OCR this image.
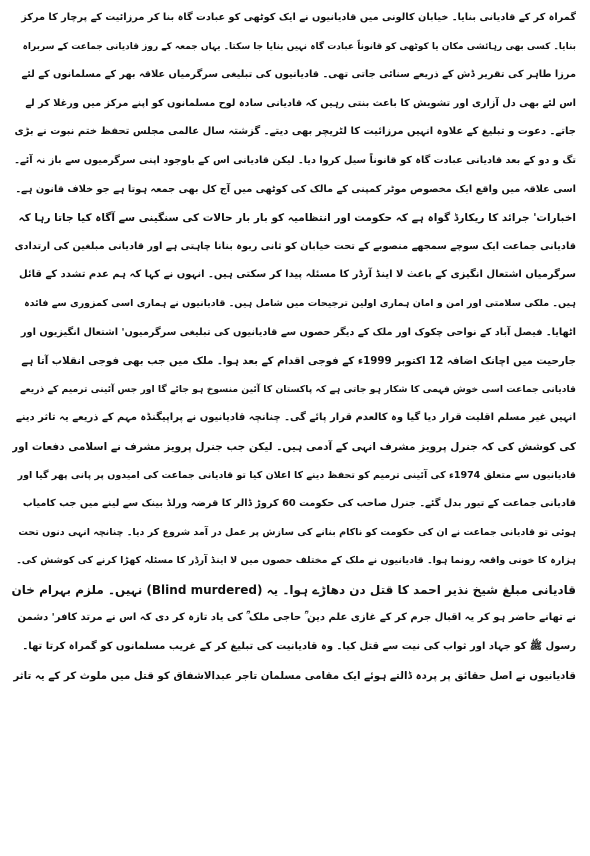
گمراہ کر کے قادیانی بنایا۔ خیابان کالونی میں قادیانیوں نے ایک کوٹھی کو عبادت گاہ بنا کر مرزائیت کے پرچار کا مرکز
بنایا۔ کسی بھی رہائشی مکان یا کوٹھی کو قانوناً عبادت گاہ نہیں بنایا جا سکتا۔ یہاں جمعہ کے روز قادیانی جماعت کے سربراہ
مرزا طاہر کی تقریر ڈش کے ذریعے سنائی جاتی تھی۔ قادیانیوں کی تبلیغی سرگرمیاں علاقہ بھر کے مسلمانوں کے لئے
اس لئے بھی دل آزاری اور تشویش کا باعث بنتی رہیں کہ قادیانی سادہ لوح مسلمانوں کو اپنے مرکز میں ورغلا کر لے
جاتے۔ دعوت و تبلیغ کے علاوہ انہیں مرزائیت کا لٹریچر بھی دیتے۔ گزشتہ سال عالمی مجلس تحفظ ختم نبوت نے بڑی
تگ و دو کے بعد قادیانی عبادت گاہ کو قانوناً سیل کروا دیا۔ لیکن قادیانی اس کے باوجود اپنی سرگرمیوں سے باز نہ آئے۔
اسی علاقہ میں واقع ایک مخصوص موٹر کمپنی کے مالک کی کوٹھی میں آج کل بھی جمعہ ہوتا ہے جو خلاف قانون ہے۔
اخبارات' جرائد کا ریکارڈ گواہ ہے کہ حکومت اور انتظامیہ کو بار بار حالات کی سنگینی سے آگاہ کیا جاتا رہا کہ
قادیانی جماعت ایک سوچے سمجھے منصوبے کے تحت خیابان کو ثانی ربوہ بنانا چاہتی ہے اور قادیانی مبلغین کی ارتدادی
سرگرمیاں اشتعال انگیزی کے باعث لا اینڈ آرڈر کا مسئلہ پیدا کر سکتی ہیں۔ انہوں نے کہا کہ ہم عدم تشدد کے قائل
ہیں۔ ملکی سلامتی اور امن و امان ہماری اولین ترجیحات میں شامل ہیں۔ قادیانیوں نے ہماری اسی کمزوری سے فائدہ
اٹھایا۔ فیصل آباد کے نواحی چکوک اور ملک کے دیگر حصوں سے قادیانیوں کی تبلیغی سرگرمیوں' اشتعال انگیزیوں اور
جارحیت میں اچانک اضافہ 12 اکتوبر 1999ء کے فوجی اقدام کے بعد ہوا۔ ملک میں جب بھی فوجی انقلاب آتا ہے
قادیانی جماعت اسی خوش فہمی کا شکار ہو جاتی ہے کہ پاکستان کا آئین منسوخ ہو جائے گا اور جس آئینی ترمیم کے ذریعے
انہیں غیر مسلم اقلیت قرار دیا گیا وہ کالعدم قرار پائے گی۔ چنانچہ قادیانیوں نے پراپیگنڈہ مہم کے ذریعے یہ تاثر دینے
کی کوشش کی کہ جنرل پرویز مشرف انہی کے آدمی ہیں۔ لیکن جب جنرل پرویز مشرف نے اسلامی دفعات اور
قادیانیوں سے متعلق 1974ء کی آئینی ترمیم کو تحفظ دینے کا اعلان کیا تو قادیانی جماعت کی امیدوں پر پانی پھر گیا اور
قادیانی جماعت کے تیور بدل گئے۔ جنرل صاحب کی حکومت 60 کروڑ ڈالر کا قرضہ ورلڈ بینک سے لینے میں جب کامیاب
ہوئی تو قادیانی جماعت نے ان کی حکومت کو ناکام بنانے کی سازش پر عمل در آمد شروع کر دیا۔ چنانچہ انہی دنوں تحت
ہزارہ کا خونی واقعہ رونما ہوا۔ قادیانیوں نے ملک کے مختلف حصوں میں لا اینڈ آرڈر کا مسئلہ کھڑا کرنے کی کوشش کی۔
قادیانی مبلغ شیخ نذیر احمد کا قتل دن دھاڑے ہوا۔ یہ (Blind murdered) نہیں۔ ملزم بہرام خان
نے تھانے حاضر ہو کر یہ اقبال جرم کر کے غازی علم دین ؒ حاجی ملک ؒ کی یاد تازہ کر دی کہ اس نے مرتد کافر' دشمن
رسول ﷺ کو جہاد اور ثواب کی نیت سے قتل کیا۔ وہ قادیانیت کی تبلیغ کر کے غریب مسلمانوں کو گمراہ کرتا تھا۔
قادیانیوں نے اصل حقائق پر پردہ ڈالتے ہوئے ایک مقامی مسلمان تاجر عبدالاشفاق کو قتل میں ملوث کر کے یہ تاثر
